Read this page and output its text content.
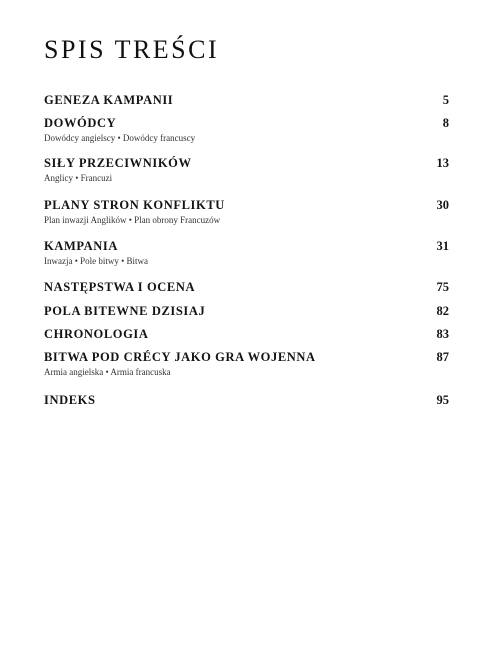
SPIS TREŚCI
GENEZA KAMPANII	5
DOWÓDCY	8
Dowódcy angielscy • Dowódcy francuscy
SIŁY PRZECIWNIKÓW	13
Anglicy • Francuzi
PLANY STRON KONFLIKTU	30
Plan inwazji Anglików • Plan obrony Francuzów
KAMPANIA	31
Inwazja • Pole bitwy • Bitwa
NASTĘPSTWA I OCENA	75
POLA BITEWNE DZISIAJ	82
CHRONOLOGIA	83
BITWA POD CRÉCY JAKO GRA WOJENNA	87
Armia angielska • Armia francuska
INDEKS	95
